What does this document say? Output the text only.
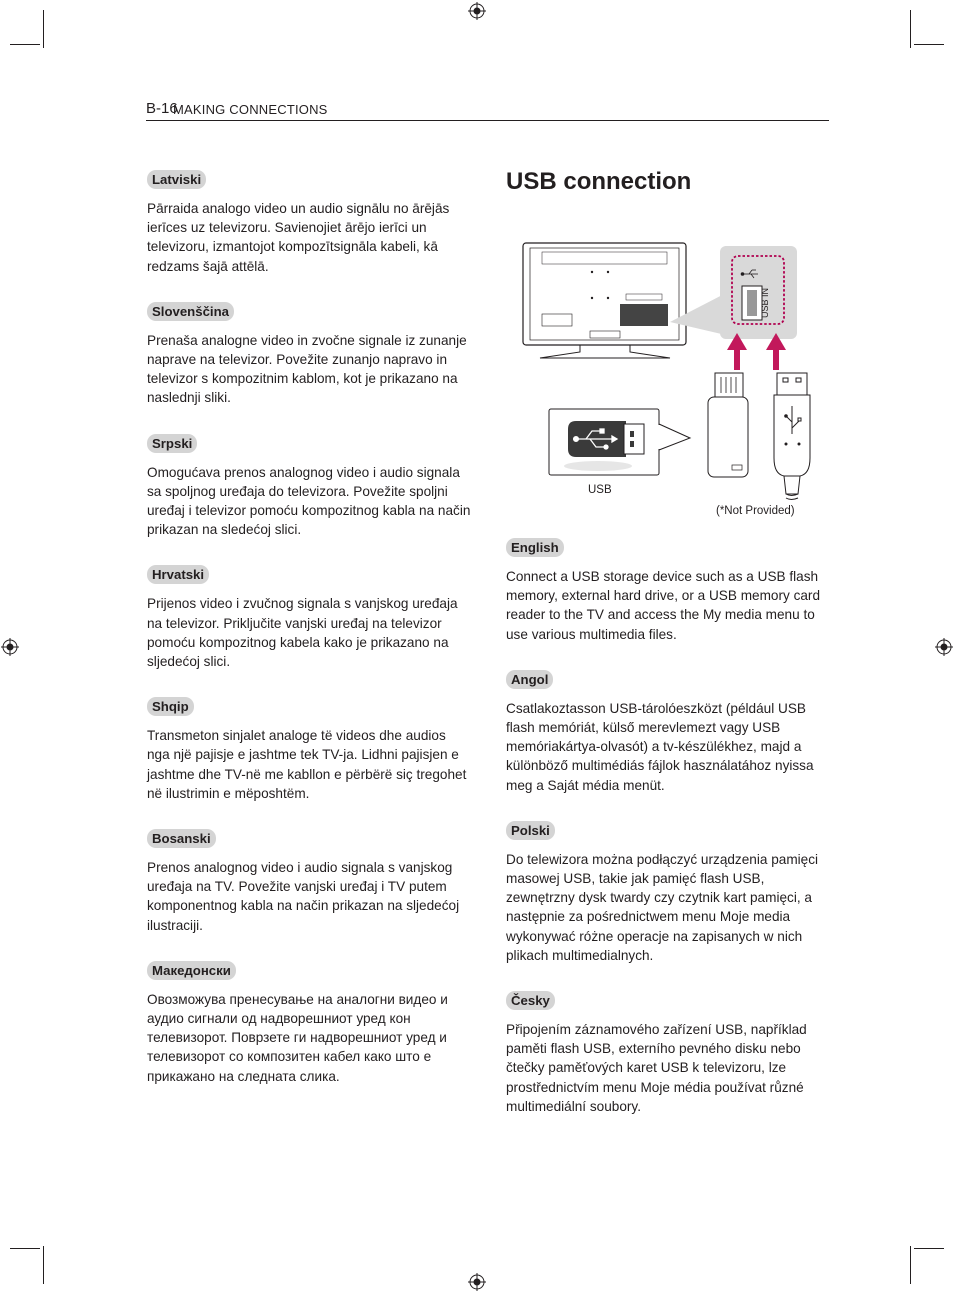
B-16
MAKING CONNECTIONS
Latviski

Pārraida analogo video un audio signālu no ārējās ierīces uz televizoru. Savienojiet ārējo ierīci un televizoru, izmantojot kompozītsignāla kabeli, kā redzams šajā attēlā.

Slovenščina

Prenaša analogne video in zvočne signale iz zunanje naprave na televizor. Povežite zunanjo napravo in televizor s kompozitnim kablom, kot je prikazano na naslednji sliki.

Srpski

Omogućava prenos analognog video i audio signala sa spoljnog uređaja do televizora. Povežite spoljni uređaj i televizor pomoću kompozitnog kabla na način prikazan na sledećoj slici.

Hrvatski

Prijenos video i zvučnog signala s vanjskog uređaja na televizor. Priključite vanjski uređaj na televizor pomoću kompozitnog kabela kako je prikazano na sljedećoj slici.

Shqip

Transmeton sinjalet analoge të videos dhe audios nga një pajisje e jashtme tek TV-ja. Lidhni pajisjen e jashtme dhe TV-në me kabllon e përbërë siç tregohet në ilustrimin e mëposhtëm.

Bosanski

Prenos analognog video i audio signala s vanjskog uređaja na TV. Povežite vanjski uređaj i TV putem komponentnog kabla na način prikazan na sljedećoj ilustraciji.

Македонски

Овозможува пренесување на аналогни видео и аудио сигнали од надворешниот уред кон телевизорот. Поврзете ги надворешниот уред и телевизорот со композитен кабел како што е прикажано на следната слика.

USB connection
USB IN
USB
(*Not Provided)
English

Connect a USB storage device such as a USB flash memory, external hard drive, or a USB memory card reader to the TV and access the My media menu to use various multimedia files.

Angol

Csatlakoztasson USB-tárolóeszközt (például USB flash memóriát, külső merevlemezt vagy USB memóriakártya-olvasót) a tv-készülékhez, majd a különböző multimédiás fájlok használatához nyissa meg a Saját média menüt.

Polski

Do telewizora można podłączyć urządzenia pamięci masowej USB, takie jak pamięć flash USB, zewnętrzny dysk twardy czy czytnik kart pamięci, a następnie za pośrednictwem menu Moje media wykonywać różne operacje na zapisanych w nich plikach multimedialnych.

Česky

Připojením záznamového zařízení USB, například paměti flash USB, externího pevného disku nebo čtečky paměťových karet USB k televizoru, lze prostřednictvím menu Moje média používat různé multimediální soubory.
